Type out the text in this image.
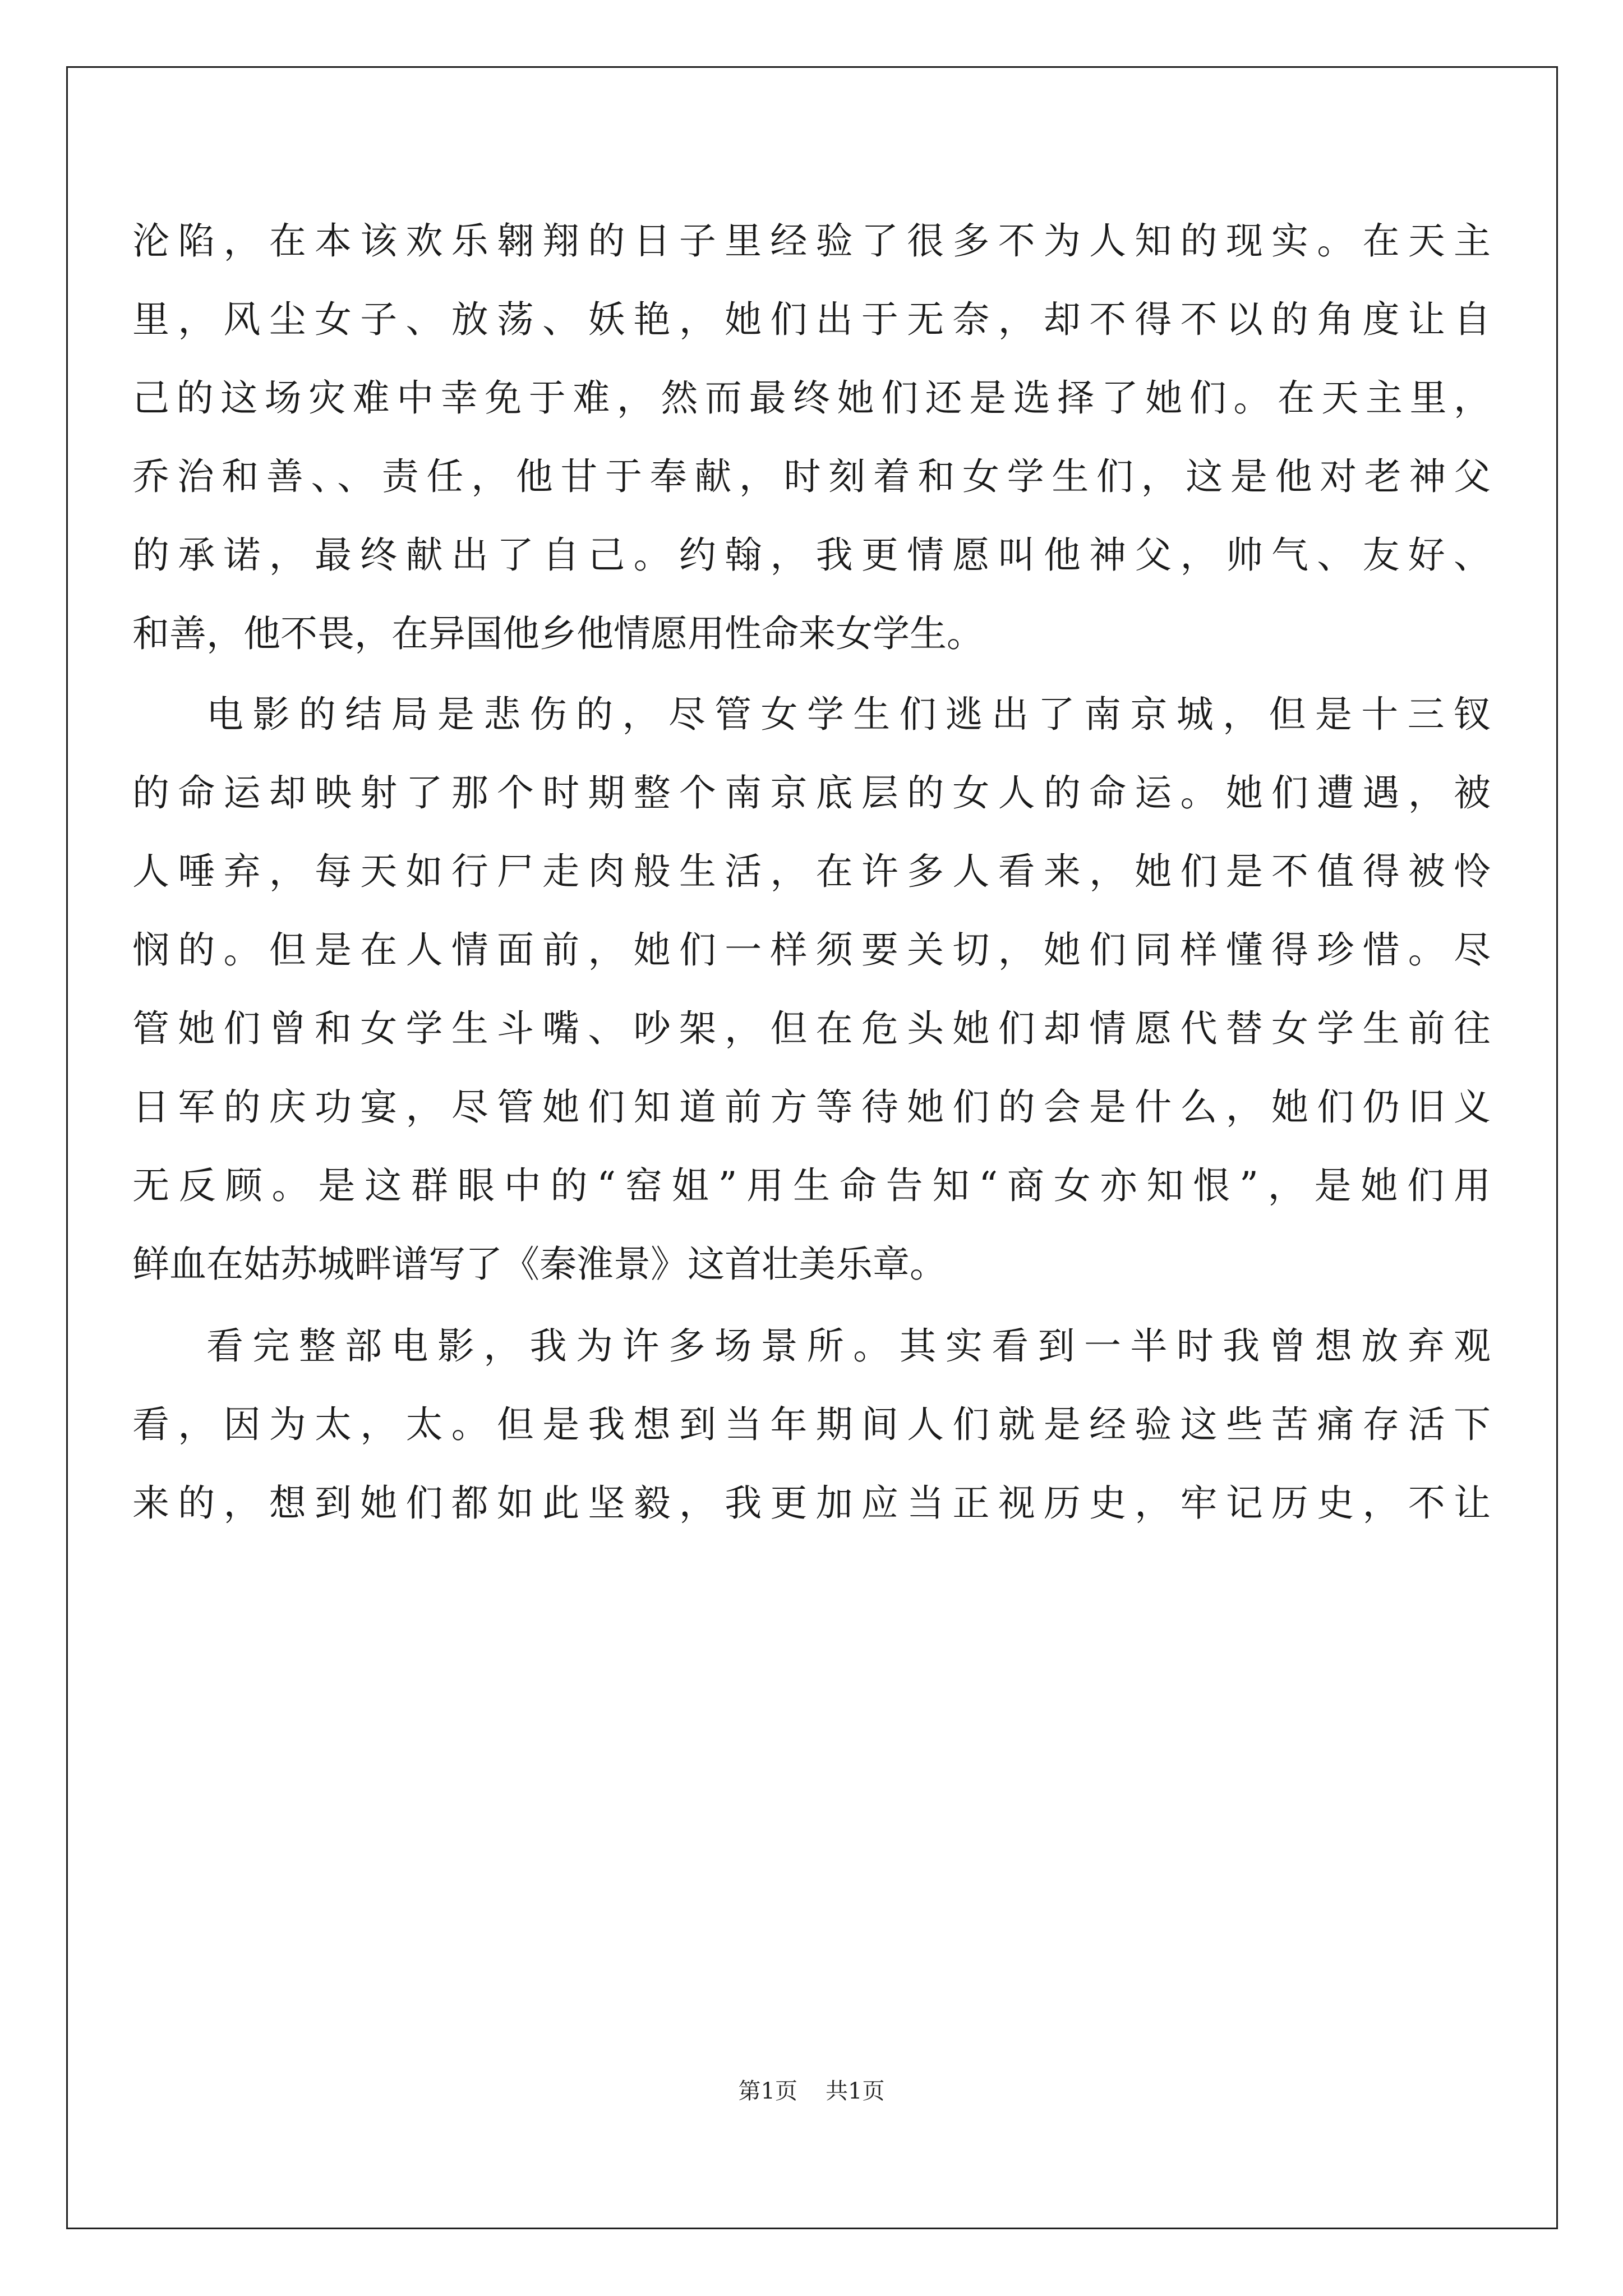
沦陷，在本该欢乐翱翔的日子里经验了很多不为人知的现实。在天主
里，风尘女子、放荡、妖艳，她们出于无奈，却不得不以的角度让自
己的这场灾难中幸免于难，然而最终她们还是选择了她们。在天主里，
乔治和善、、责任，他甘于奉献，时刻着和女学生们，这是他对老神父
的承诺，最终献出了自己。约翰，我更情愿叫他神父，帅气、友好、
和善，他不畏，在异国他乡他情愿用性命来女学生。
电影的结局是悲伤的，尽管女学生们逃出了南京城，但是十三钗
的命运却映射了那个时期整个南京底层的女人的命运。她们遭遇，被
人唾弃，每天如行尸走肉般生活，在许多人看来，她们是不值得被怜
悯的。但是在人情面前，她们一样须要关切，她们同样懂得珍惜。尽
管她们曾和女学生斗嘴、吵架，但在危头她们却情愿代替女学生前往
日军的庆功宴，尽管她们知道前方等待她们的会是什么，她们仍旧义
无反顾。是这群眼中的“窑姐”用生命告知“商女亦知恨”，是她们用
鲜血在姑苏城畔谱写了《秦淮景》这首壮美乐章。
看完整部电影，我为许多场景所。其实看到一半时我曾想放弃观
看，因为太，太。但是我想到当年期间人们就是经验这些苦痛存活下
来的，想到她们都如此坚毅，我更加应当正视历史，牢记历史，不让
第1页 共1页
